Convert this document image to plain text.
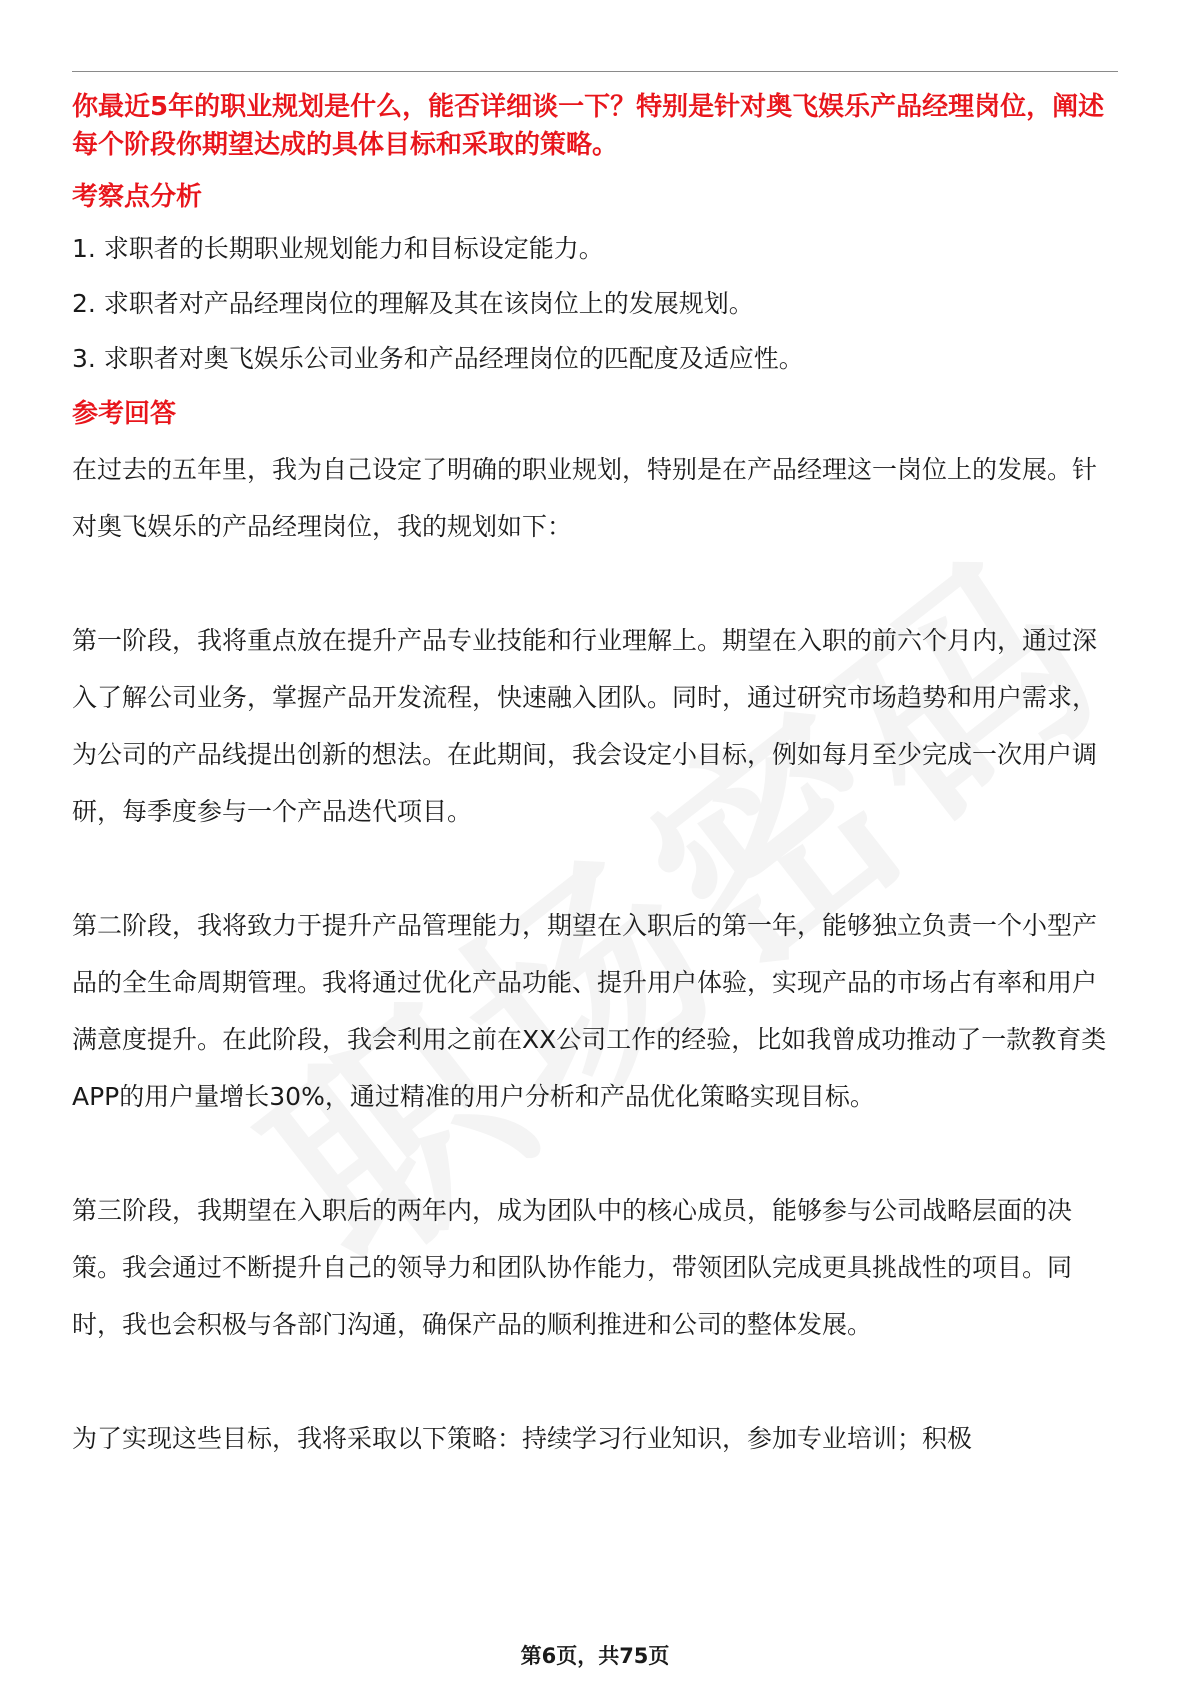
你最近5年的职业规划是什么，能否详细谈一下？特别是针对奥飞娱乐产品经理岗位，阐述每个阶段你期望达成的具体目标和采取的策略。

考察点分析
1. 求职者的长期职业规划能力和目标设定能力。
2. 求职者对产品经理岗位的理解及其在该岗位上的发展规划。
3. 求职者对奥飞娱乐公司业务和产品经理岗位的匹配度及适应性。
参考回答

在过去的五年里，我为自己设定了明确的职业规划，特别是在产品经理这一岗位上的发展。针对奥飞娱乐的产品经理岗位，我的规划如下：

第一阶段，我将重点放在提升产品专业技能和行业理解上。期望在入职的前六个月内，通过深入了解公司业务，掌握产品开发流程，快速融入团队。同时，通过研究市场趋势和用户需求，为公司的产品线提出创新的想法。在此期间，我会设定小目标，例如每月至少完成一次用户调研，每季度参与一个产品迭代项目。

第二阶段，我将致力于提升产品管理能力，期望在入职后的第一年，能够独立负责一个小型产品的全生命周期管理。我将通过优化产品功能、提升用户体验，实现产品的市场占有率和用户满意度提升。在此阶段，我会利用之前在XX公司工作的经验，比如我曾成功推动了一款教育类APP的用户量增长30%，通过精准的用户分析和产品优化策略实现目标。

第三阶段，我期望在入职后的两年内，成为团队中的核心成员，能够参与公司战略层面的决策。我会通过不断提升自己的领导力和团队协作能力，带领团队完成更具挑战性的项目。同时，我也会积极与各部门沟通，确保产品的顺利推进和公司的整体发展。

为了实现这些目标，我将采取以下策略：持续学习行业知识，参加专业培训；积极

第6页，共75页
